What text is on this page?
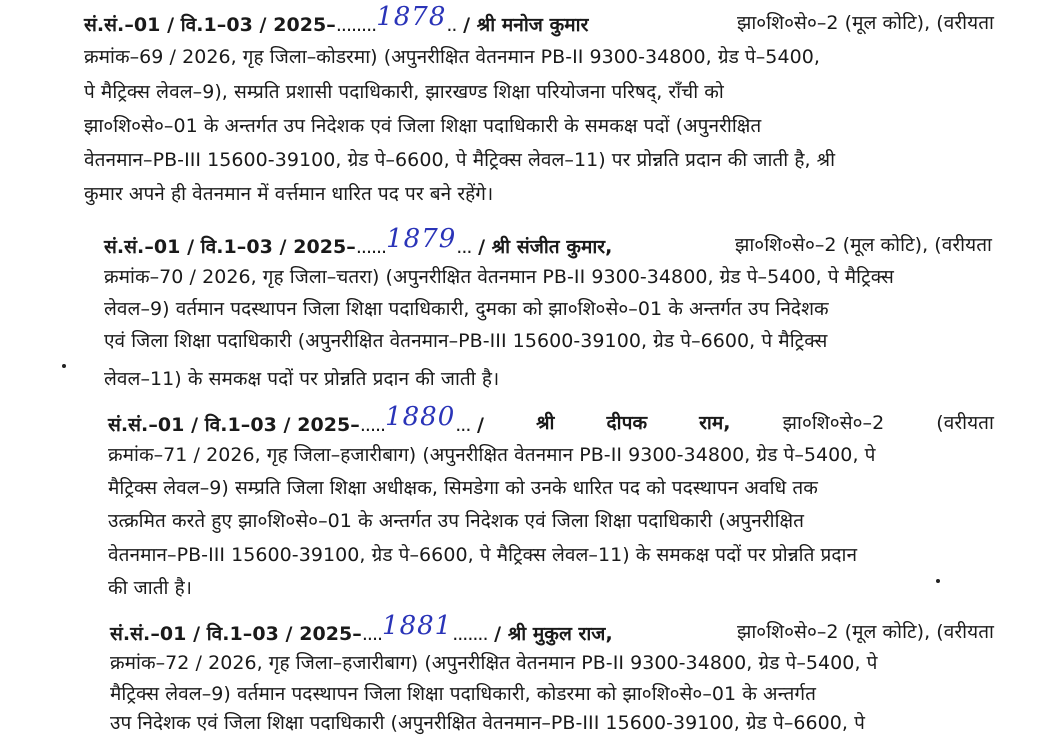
सं.सं.–01 / वि.1–03 / 2025–........1878.. / श्री मनोज कुमार	झा०शि०से०–2 (मूल कोटि), (वरीयता
क्रमांक–69 / 2026, गृह जिला–कोडरमा) (अपुनरीक्षित वेतनमान PB-II 9300-34800, ग्रेड पे–5400,
पे मैट्रिक्स लेवल–9), सम्प्रति प्रशासी पदाधिकारी, झारखण्ड शिक्षा परियोजना परिषद्, राँची को
झा०शि०से०–01 के अन्तर्गत उप निदेशक एवं जिला शिक्षा पदाधिकारी के समकक्ष पदों (अपुनरीक्षित
वेतनमान–PB-III 15600-39100, ग्रेड पे–6600, पे मैट्रिक्स लेवल–11) पर प्रोन्नति प्रदान की जाती है, श्री
कुमार अपने ही वेतनमान में वर्त्तमान धारित पद पर बने रहेंगे।
सं.सं.–01 / वि.1–03 / 2025–......1879... / श्री संजीत कुमार,	झा०शि०से०–2 (मूल कोटि), (वरीयता
क्रमांक–70 / 2026, गृह जिला–चतरा) (अपुनरीक्षित वेतनमान PB-II 9300-34800, ग्रेड पे–5400, पे मैट्रिक्स
लेवल–9) वर्तमान पदस्थापन जिला शिक्षा पदाधिकारी, दुमका को झा०शि०से०–01 के अन्तर्गत उप निदेशक
एवं जिला शिक्षा पदाधिकारी (अपुनरीक्षित वेतनमान–PB-III 15600-39100, ग्रेड पे–6600, पे मैट्रिक्स
लेवल–11) के समकक्ष पदों पर प्रोन्नति प्रदान की जाती है।
सं.सं.–01 / वि.1–03 / 2025–.....1880... /	श्री	दीपक	राम,	झा०शि०से०–2	(वरीयता
क्रमांक–71 / 2026, गृह जिला–हजारीबाग) (अपुनरीक्षित वेतनमान PB-II 9300-34800, ग्रेड पे–5400, पे
मैट्रिक्स लेवल–9) सम्प्रति जिला शिक्षा अधीक्षक, सिमडेगा को उनके धारित पद को पदस्थापन अवधि तक
उत्क्रमित करते हुए झा०शि०से०–01 के अन्तर्गत उप निदेशक एवं जिला शिक्षा पदाधिकारी (अपुनरीक्षित
वेतनमान–PB-III 15600-39100, ग्रेड पे–6600, पे मैट्रिक्स लेवल–11) के समकक्ष पदों पर प्रोन्नति प्रदान
की जाती है।
सं.सं.–01 / वि.1–03 / 2025–....1881....... / श्री मुकुल राज,	झा०शि०से०–2 (मूल कोटि), (वरीयता
क्रमांक–72 / 2026, गृह जिला–हजारीबाग) (अपुनरीक्षित वेतनमान PB-II 9300-34800, ग्रेड पे–5400, पे
मैट्रिक्स लेवल–9) वर्तमान पदस्थापन जिला शिक्षा पदाधिकारी, कोडरमा को झा०शि०से०–01 के अन्तर्गत
उप निदेशक एवं जिला शिक्षा पदाधिकारी (अपुनरीक्षित वेतनमान–PB-III 15600-39100, ग्रेड पे–6600, पे
